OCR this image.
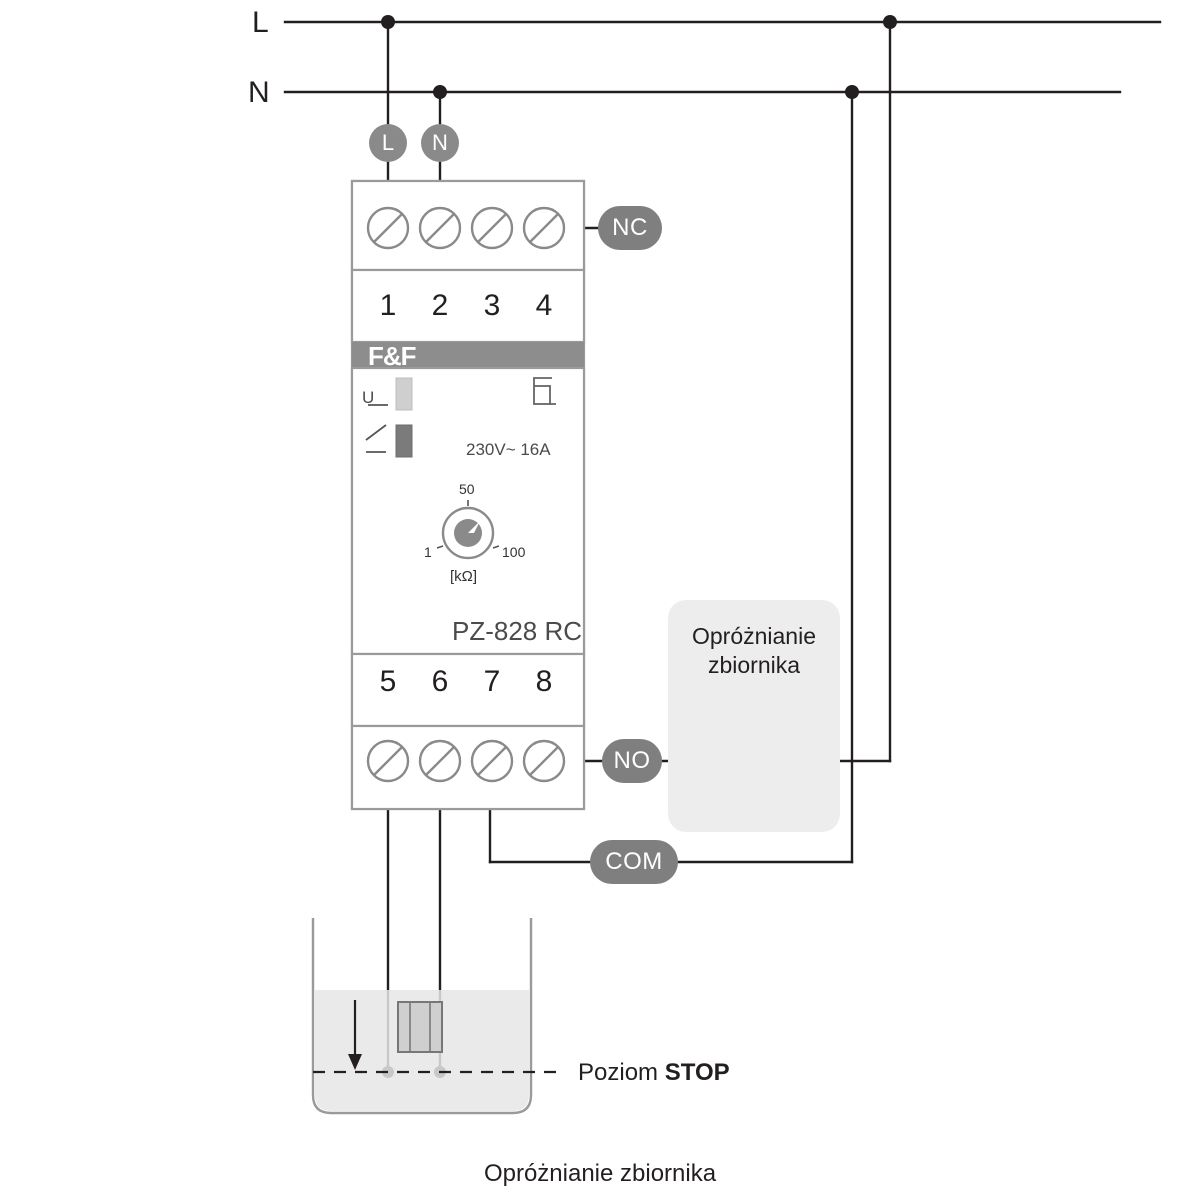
L
N
L	N
NC
NO
COM
F&F
1	2	3	4
5	6	7	8
U
230V~ 16A
50
1	100
[kΩ]
PZ-828 RC	Opróżnianie
zbiornika
Poziom STOP
Opróżnianie zbiornika
